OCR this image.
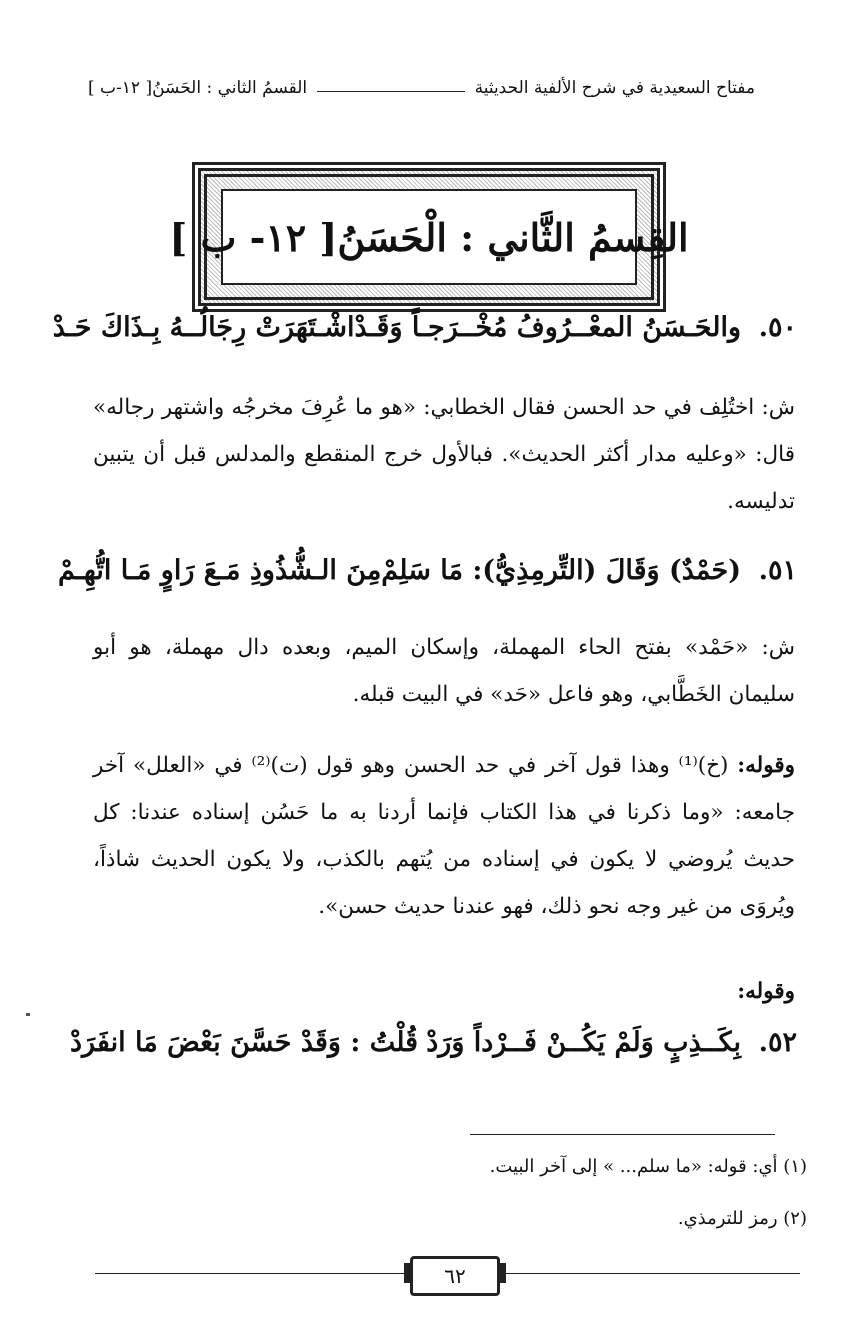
مفتاح السعيدية في شرح الألفية الحديثية
القسمُ الثاني : الحَسَنُ[ ١٢-ب ]
القِسمُ الثَّاني : الْحَسَنُ[ ١٢- ب ]
٥٠.
والحَـسَنُ المعْــرُوفُ مُخْــرَجـاً وَقَـدْ
اشْـتَهَرَتْ رِجَالُــهُ بِـذَاكَ حَـدْ
ش: اختُلِف في حد الحسن فقال الخطابي: «هو ما عُرِفَ مخرجُه واشتهر رجاله» قال: «وعليه مدار أكثر الحديث». فبالأول خرج المنقطع والمدلس قبل أن يتبين تدليسه.
٥١.
(حَمْدٌ) وَقَالَ (التِّرمِذِيُّ): مَا سَلِمْ
مِنَ الـشُّذُوذِ مَـعَ رَاوٍ مَـا اتُّهِـمْ
ش: «حَمْد» بفتح الحاء المهملة، وإسكان الميم، وبعده دال مهملة، هو أبو سليمان الخَطَّابي، وهو فاعل «حَد» في البيت قبله.
وقوله: (خ)⁽¹⁾ وهذا قول آخر في حد الحسن وهو قول (ت)⁽²⁾ في «العلل» آخر جامعه: «وما ذكرنا في هذا الكتاب فإنما أردنا به ما حَسُن إسناده عندنا: كل حديث يُروضي لا يكون في إسناده من يُتهم بالكذب، ولا يكون الحديث شاذاً، ويُروَى من غير وجه نحو ذلك، فهو عندنا حديث حسن».
وقوله:
٥٢.
بِكَــذِبٍ وَلَمْ يَكُــنْ فَــرْداً وَرَدْ
قُلْتُ : وَقَدْ حَسَّنَ بَعْضَ مَا انفَرَدْ
(١) أي: قوله: «ما سلم... » إلى آخر البيت.
(٢) رمز للترمذي.
٦٢
